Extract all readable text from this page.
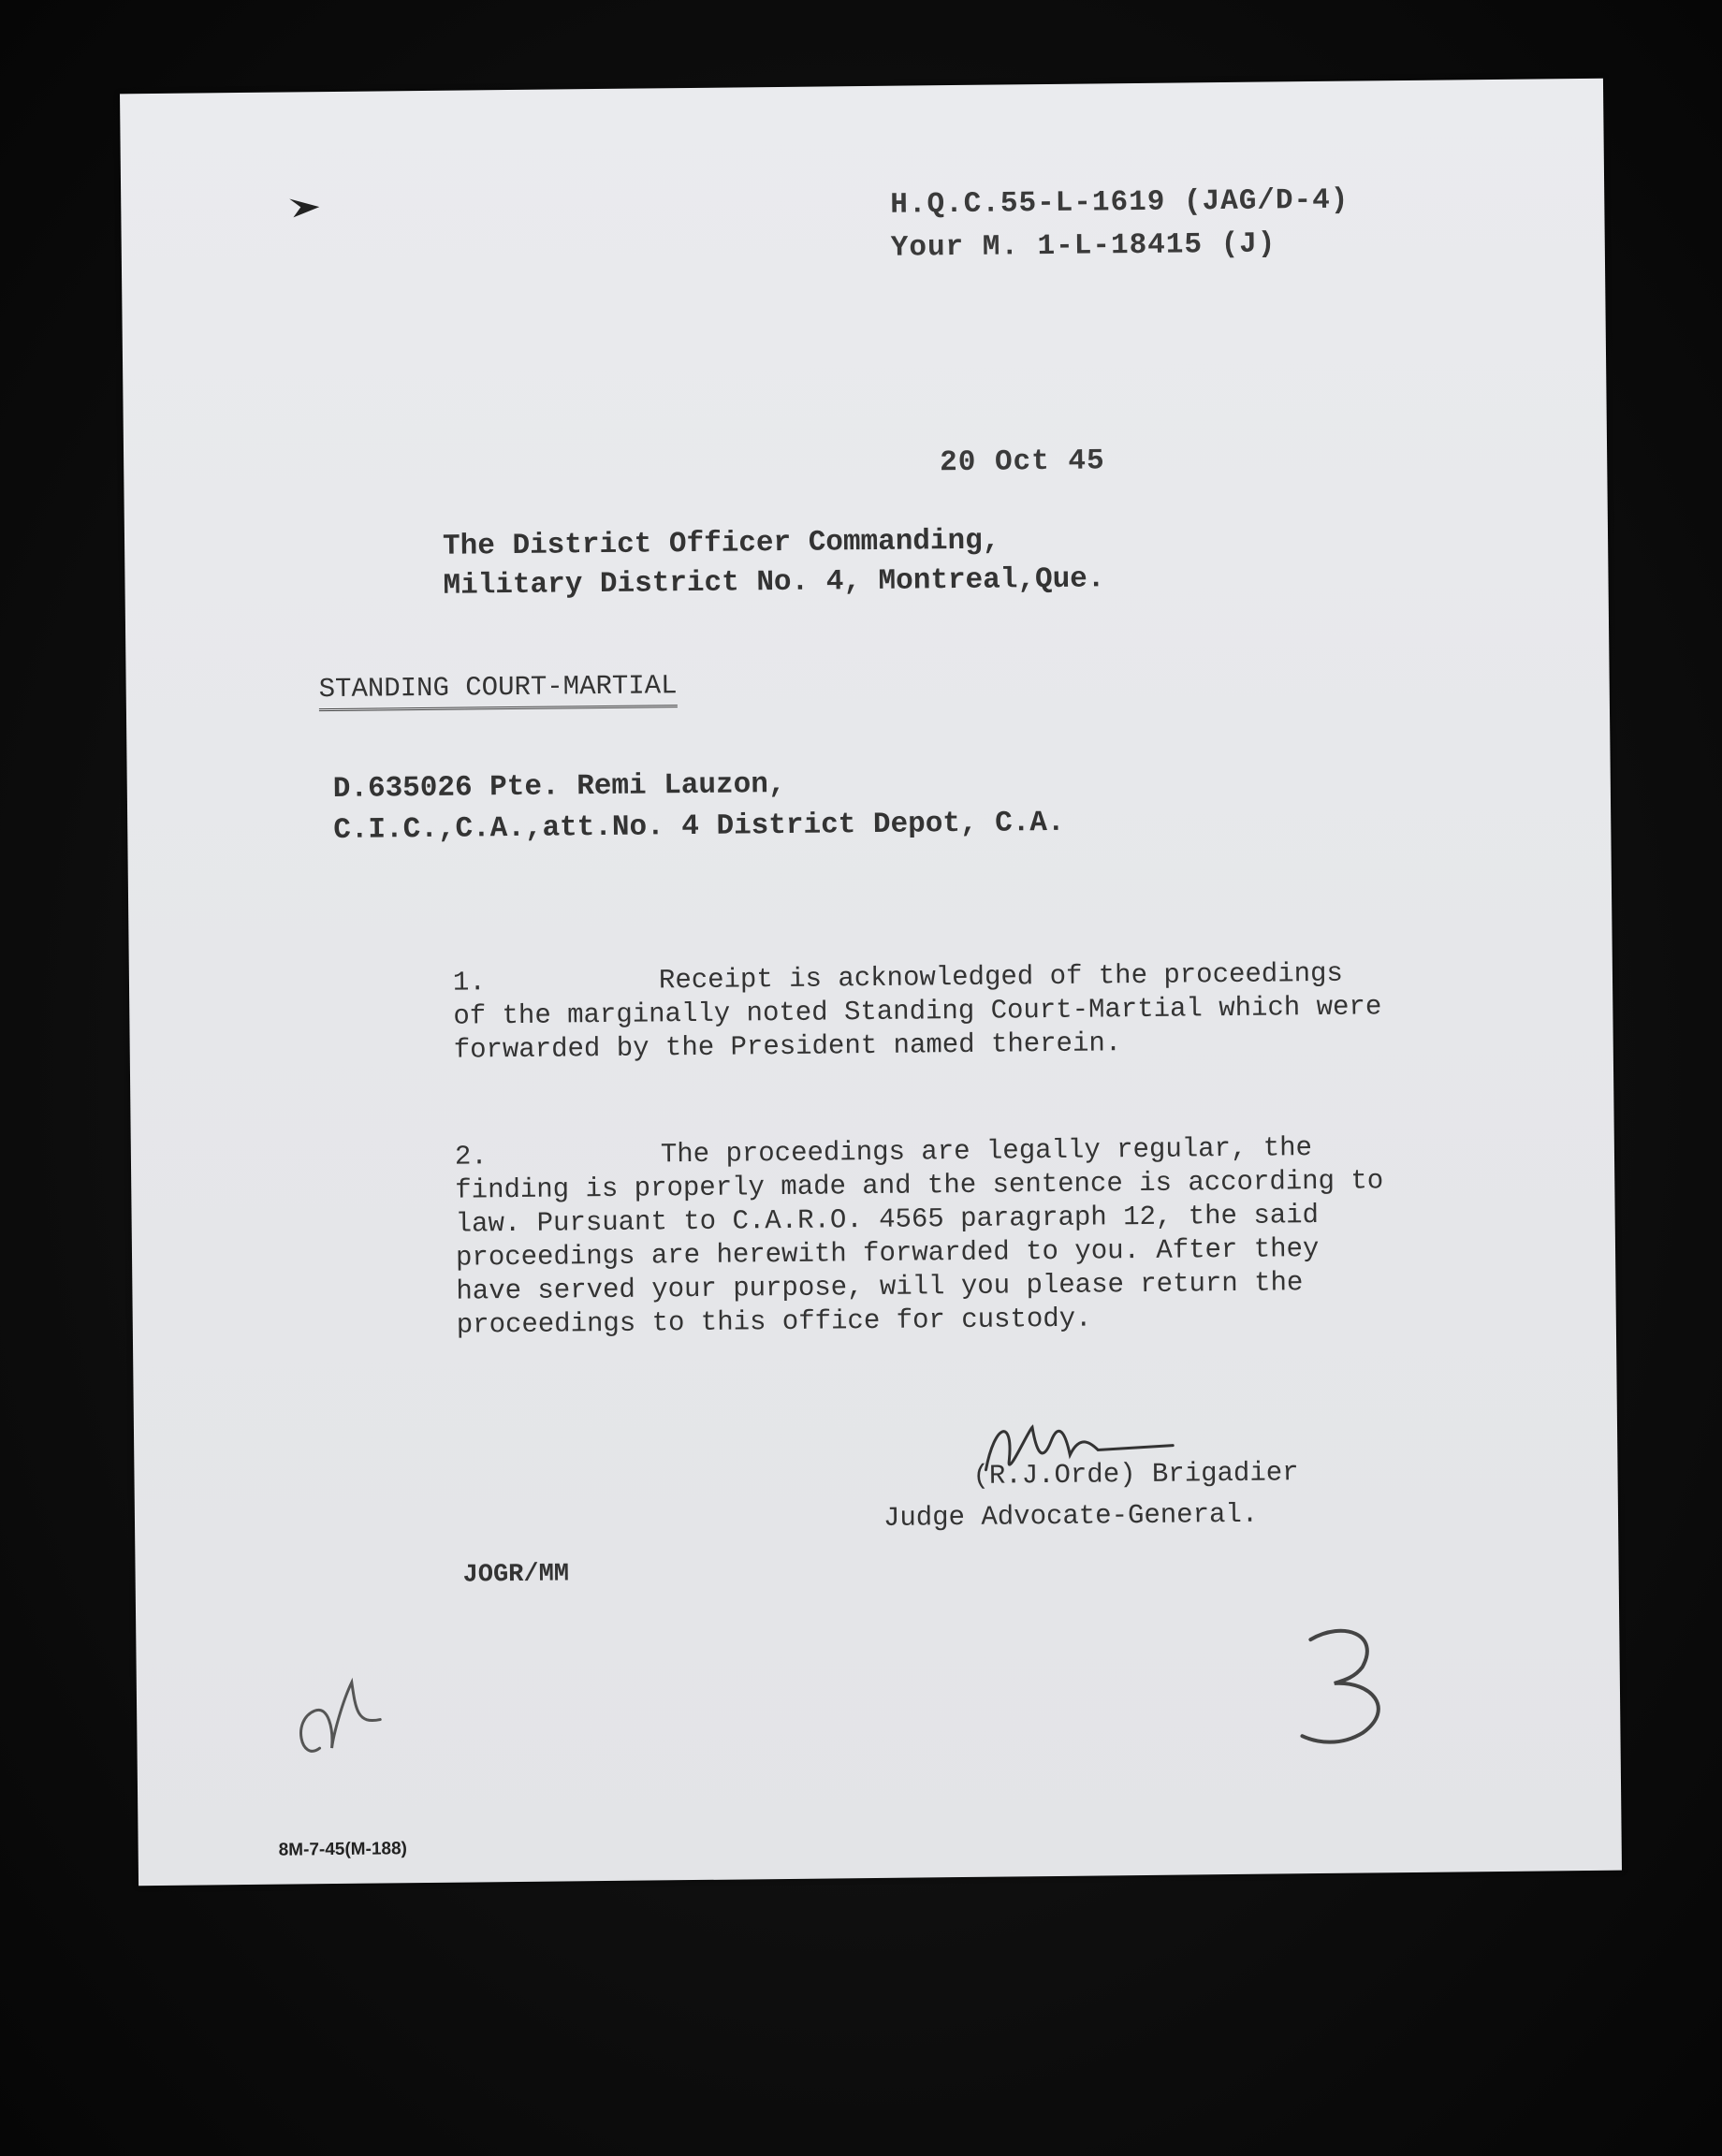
H.Q.C.55-L-1619 (JAG/D-4)
Your M. 1-L-18415 (J)
20 Oct 45
The District Officer Commanding,
Military District No. 4, Montreal,Que.
STANDING COURT-MARTIAL
D.635026 Pte. Remi Lauzon,
C.I.C.,C.A.,att.No. 4 District Depot, C.A.
1.	Receipt is acknowledged of the proceedings of the marginally noted Standing Court-Martial which were forwarded by the President named therein.
2.	The proceedings are legally regular, the finding is properly made and the sentence is according to law. Pursuant to C.A.R.O. 4565 paragraph 12, the said proceedings are herewith forwarded to you. After they have served your purpose, will you please return the proceedings to this office for custody.
(R.J.Orde) Brigadier
Judge Advocate-General.
JOGR/MM
8M-7-45(M-188)
